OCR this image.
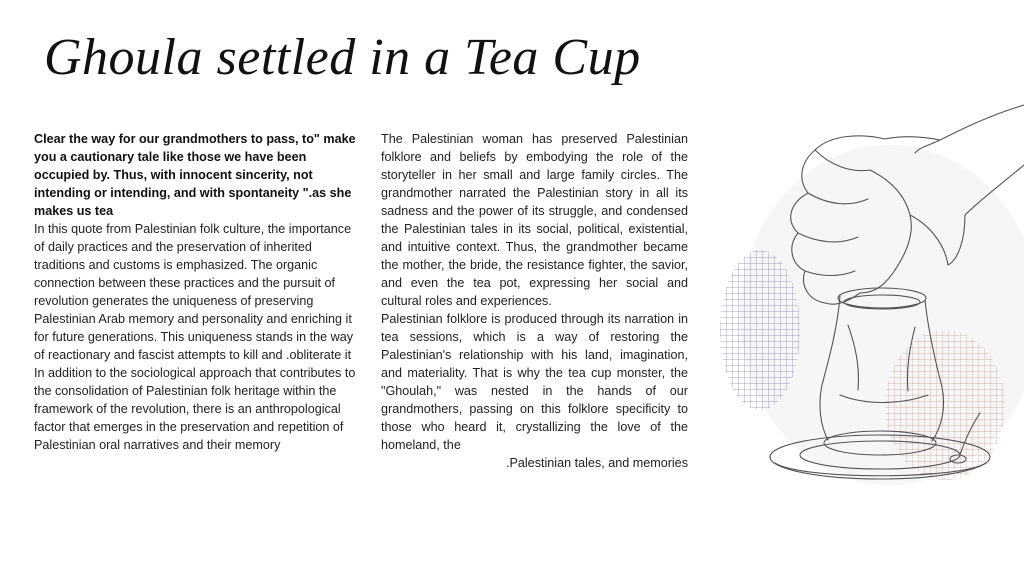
Ghoula settled in a Tea Cup

Clear the way for our grandmothers to pass, to" make you a cautionary tale like those we have been occupied by. Thus, with innocent sincerity, not intending or intending, and with spontaneity ".as she makes us tea

In this quote from Palestinian folk culture, the importance of daily practices and the preservation of inherited traditions and customs is emphasized. The organic connection between these practices and the pursuit of revolution generates the uniqueness of preserving Palestinian Arab memory and personality and enriching it for future generations. This uniqueness stands in the way of reactionary and fascist attempts to kill and .obliterate it

In addition to the sociological approach that contributes to the consolidation of Palestinian folk heritage within the framework of the revolution, there is an anthropological factor that emerges in the preservation and repetition of Palestinian oral narratives and their memory

The Palestinian woman has preserved Palestinian folklore and beliefs by embodying the role of the storyteller in her small and large family circles. The grandmother narrated the Palestinian story in all its sadness and the power of its struggle, and condensed the Palestinian tales in its social, political, existential, and intuitive context. Thus, the grandmother became the mother, the bride, the resistance fighter, the savior, and even the tea pot, expressing her social and cultural roles and experiences.

Palestinian folklore is produced through its narration in tea sessions, which is a way of restoring the Palestinian's relationship with his land, imagination, and materiality. That is why the tea cup monster, the "Ghoulah," was nested in the hands of our grandmothers, passing on this folklore specificity to those who heard it, crystallizing the love of the homeland, the

.Palestinian tales, and memories
